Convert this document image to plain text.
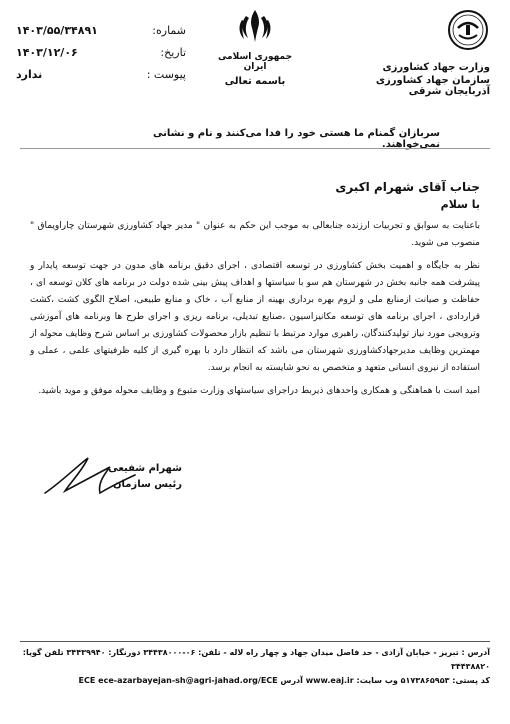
شماره:
۱۴۰۳/۵۵/۳۴۸۹۱
تاریخ:
۱۴۰۳/۱۲/۰۶
پیوست :
ندارد
جمهوری اسلامی ایران
باسمه تعالی
وزارت جهاد کشاورزی
سازمان جهاد کشاورزی آذربایجان شرقی
سربازان گمنام ما هستی خود را فدا می‌کنند و نام و نشانی نمی‌خواهند.
جناب آقای شهرام اکبری
با سلام

باعنایت به سوابق و تجربیات ارزنده جنابعالی به موجب این حکم به عنوان " مدیر جهاد کشاورزی شهرستان چاراویماق " منصوب می شوید.

نظر به جایگاه و اهمیت بخش کشاورزی در توسعه اقتصادی ، اجرای دقیق برنامه های مدون در جهت توسعه پایدار و پیشرفت همه جانبه بخش در شهرستان هم سو با سیاستها و اهداف پیش بینی شده دولت در برنامه های کلان توسعه ای ، حفاظت و صیانت ازمنابع ملی و لزوم بهره برداری بهینه از منابع آب ، خاک و منابع طبیعی، اصلاح الگوی کشت ،کشت قراردادی ، اجرای برنامه های توسعه مکانیزاسیون ،صنایع تبدیلی، برنامه ریزی و اجرای طرح ها وبرنامه های آموزشی وترویجی مورد نیاز تولیدکنندگان، راهبری موارد مرتبط با تنظیم بازار محصولات کشاورزی بر اساس شرح وظایف محوله از مهمترین وظایف مدیرجهادکشاورزی شهرستان می باشد که انتظار دارد با بهره گیری از کلیه ظرفیتهای علمی ، عملی و استفاده از نیروی انسانی متعهد و متخصص به نحو شایسته به انجام برسد.

امید است با هماهنگی و همکاری واحدهای ذیربط دراجرای سیاستهای وزارت متبوع و وظایف محوله موفق و موید باشید.

شهرام شفیعی
رئیس سازمان
آدرس : تبریز - خیابان آزادی - حد فاصل میدان جهاد و چهار راه لاله - تلفن: ۰۶-۳۴۴۳۸۰۰۰ دورنگار: ۳۴۴۳۹۹۴۰ تلفن گویا: ۳۴۴۳۸۸۲۰
کد پستی: ۵۱۷۳۸۶۵۹۵۳ وب سایت: www.eaj.ir آدرس ECE ece-azarbayejan-sh@agri-jahad.org/ECE
